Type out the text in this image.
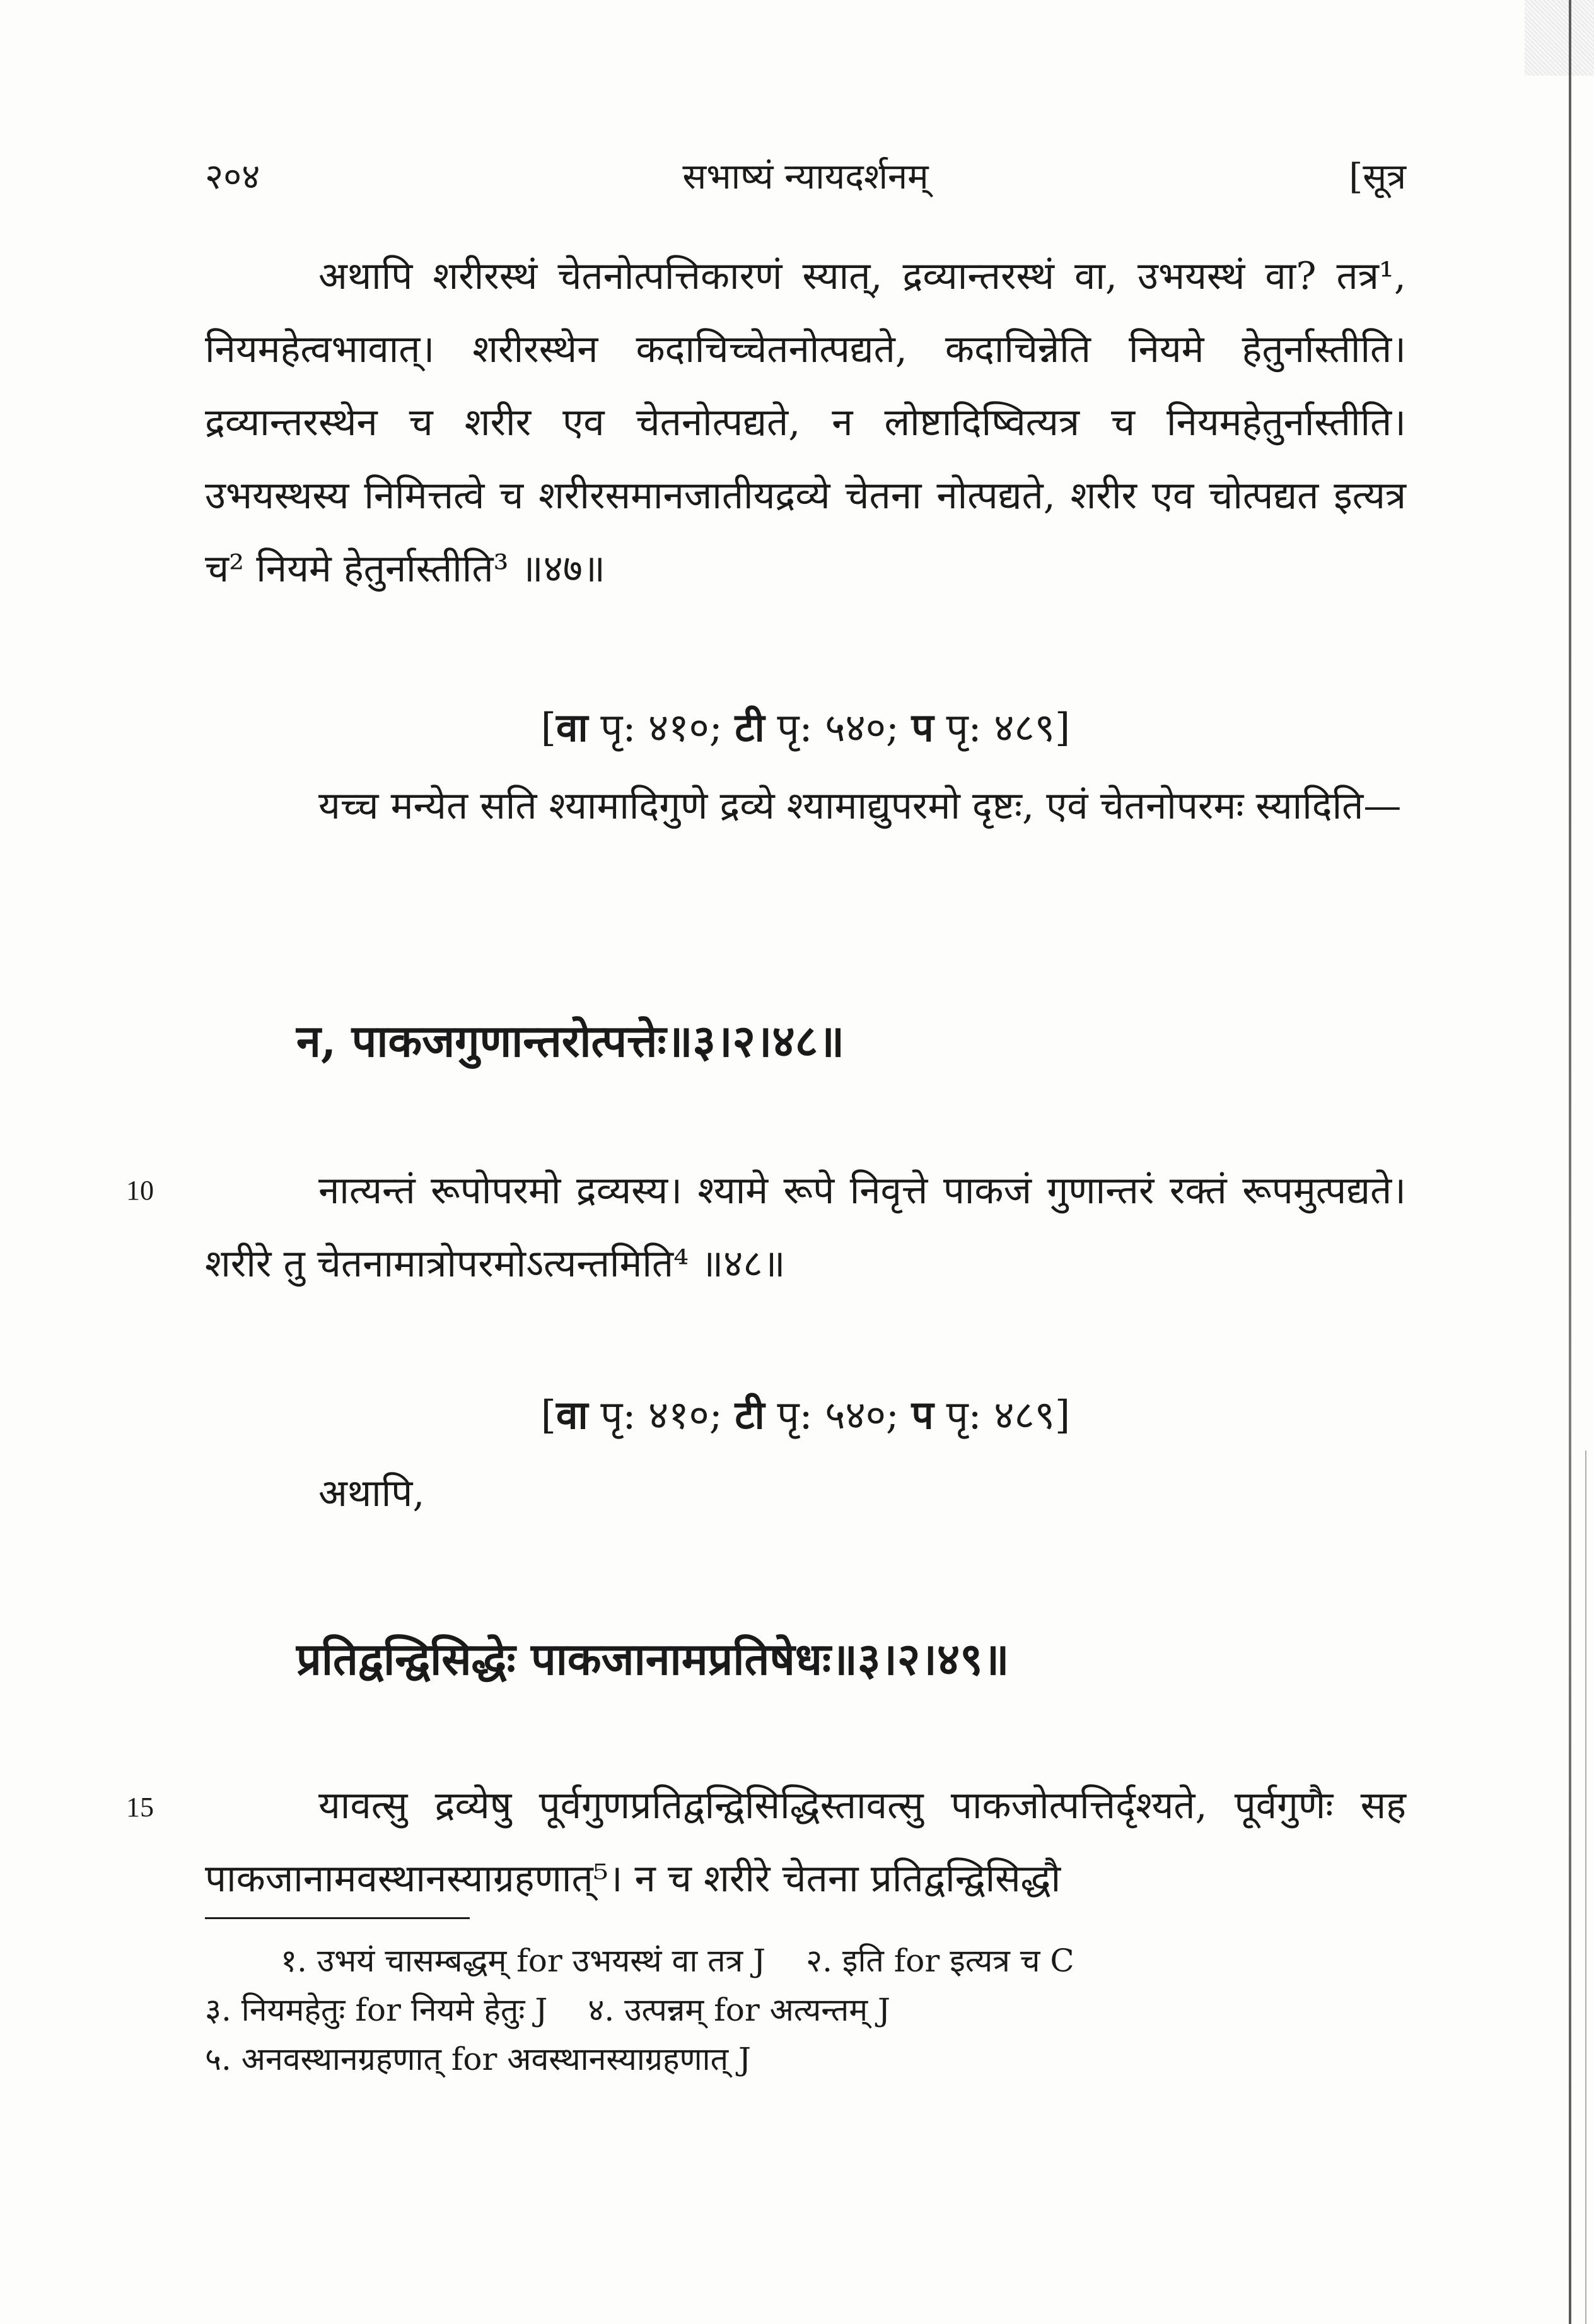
२०४	सभाष्यं न्यायदर्शनम्	[सूत्र
अथापि शरीरस्थं चेतनोत्पत्तिकारणं स्यात्, द्रव्यान्तरस्थं वा, उभयस्थं वा? तत्र¹, नियमहेत्वभावात्। शरीरस्थेन कदाचिच्चेतनोत्पद्यते, कदाचिन्नेति नियमे हेतुर्नास्तीति। द्रव्यान्तरस्थेन च शरीर एव चेतनोत्पद्यते, न लोष्टादिष्वित्यत्र च नियमहेतुर्नास्तीति। उभयस्थस्य निमित्तत्वे च शरीरसमानजातीयद्रव्ये चेतना नोत्पद्यते, शरीर एव चोत्पद्यत इत्यत्र च² नियमे हेतुर्नास्तीति³ ॥४७॥
[वा पृ: ४१०; टी पृ: ५४०; प पृ: ४८९]
यच्च मन्येत सति श्यामादिगुणे द्रव्ये श्यामाद्युपरमो दृष्टः, एवं चेतनोपरमः स्यादिति—
न, पाकजगुणान्तरोत्पत्तेः॥३।२।४८॥
10	नात्यन्तं रूपोपरमो द्रव्यस्य। श्यामे रूपे निवृत्ते पाकजं गुणान्तरं रक्तं रूपमुत्पद्यते। शरीरे तु चेतनामात्रोपरमोऽत्यन्तमिति⁴ ॥४८॥
[वा पृ: ४१०; टी पृ: ५४०; प पृ: ४८९]
अथापि,
प्रतिद्वन्द्विसिद्धेः पाकजानामप्रतिषेधः॥३।२।४९॥
15	यावत्सु द्रव्येषु पूर्वगुणप्रतिद्वन्द्विसिद्धिस्तावत्सु पाकजोत्पत्तिर्दृश्यते, पूर्वगुणैः सह पाकजानामवस्थानस्याग्रहणात्⁵। न च शरीरे चेतना प्रतिद्वन्द्विसिद्धौ
१. उभयं चासम्बद्धम् for उभयस्थं वा तत्र J २. इति for इत्यत्र च C ३. नियमहेतुः for नियमे हेतुः J ४. उत्पन्नम् for अत्यन्तम् J ५. अनवस्थानग्रहणात् for अवस्थानस्याग्रहणात् J
